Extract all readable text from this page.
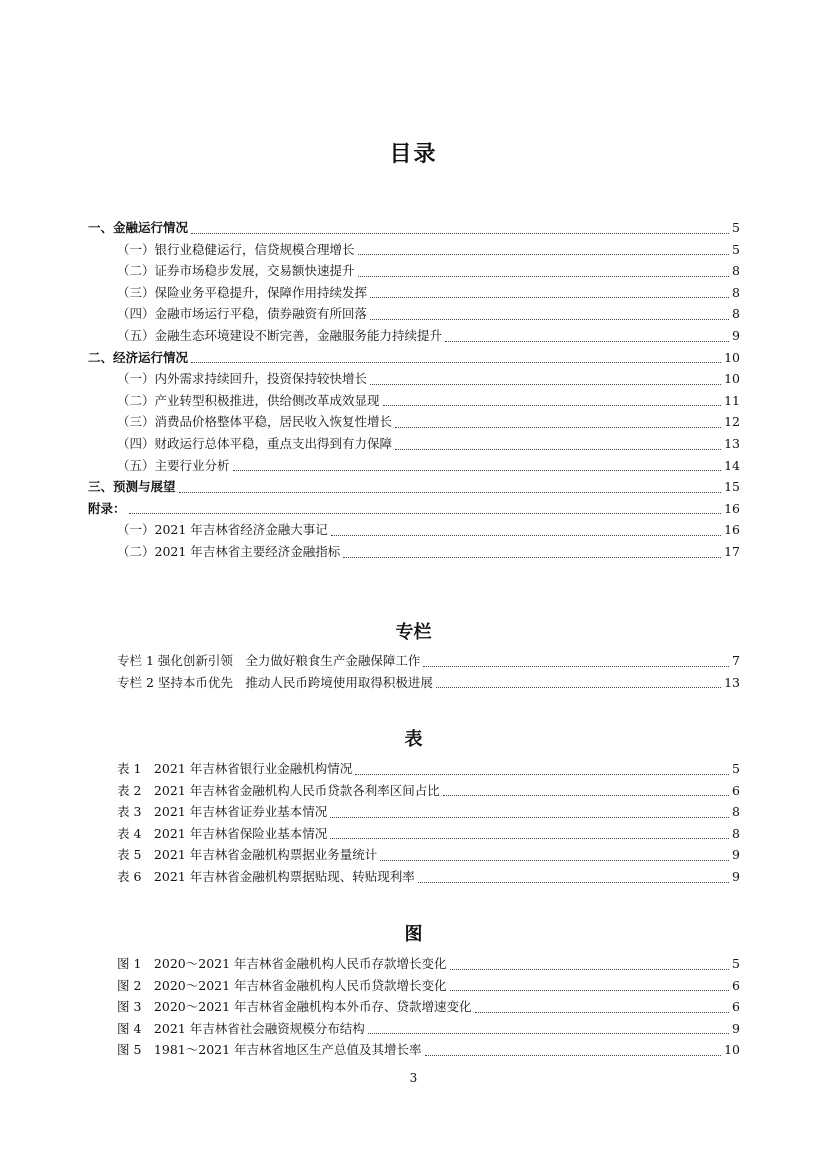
目录
一、金融运行情况	5
（一）银行业稳健运行，信贷规模合理增长	5
（二）证券市场稳步发展，交易额快速提升	8
（三）保险业务平稳提升，保障作用持续发挥	8
（四）金融市场运行平稳，债券融资有所回落	8
（五）金融生态环境建设不断完善，金融服务能力持续提升	9
二、经济运行情况	10
（一）内外需求持续回升，投资保持较快增长	10
（二）产业转型积极推进，供给侧改革成效显现	11
（三）消费品价格整体平稳，居民收入恢复性增长	12
（四）财政运行总体平稳，重点支出得到有力保障	13
（五）主要行业分析	14
三、预测与展望	15
附录：	16
（一）2021 年吉林省经济金融大事记	16
（二）2021 年吉林省主要经济金融指标	17
专栏
专栏 1 强化创新引领　全力做好粮食生产金融保障工作	7
专栏 2 坚持本币优先　推动人民币跨境使用取得积极进展	13
表
表 1　2021 年吉林省银行业金融机构情况	5
表 2　2021 年吉林省金融机构人民币贷款各利率区间占比	6
表 3　2021 年吉林省证券业基本情况	8
表 4　2021 年吉林省保险业基本情况	8
表 5　2021 年吉林省金融机构票据业务量统计	9
表 6　2021 年吉林省金融机构票据贴现、转贴现利率	9
图
图 1　2020～2021 年吉林省金融机构人民币存款增长变化	5
图 2　2020～2021 年吉林省金融机构人民币贷款增长变化	6
图 3　2020～2021 年吉林省金融机构本外币存、贷款增速变化	6
图 4　2021 年吉林省社会融资规模分布结构	9
图 5　1981～2021 年吉林省地区生产总值及其增长率	10
3
